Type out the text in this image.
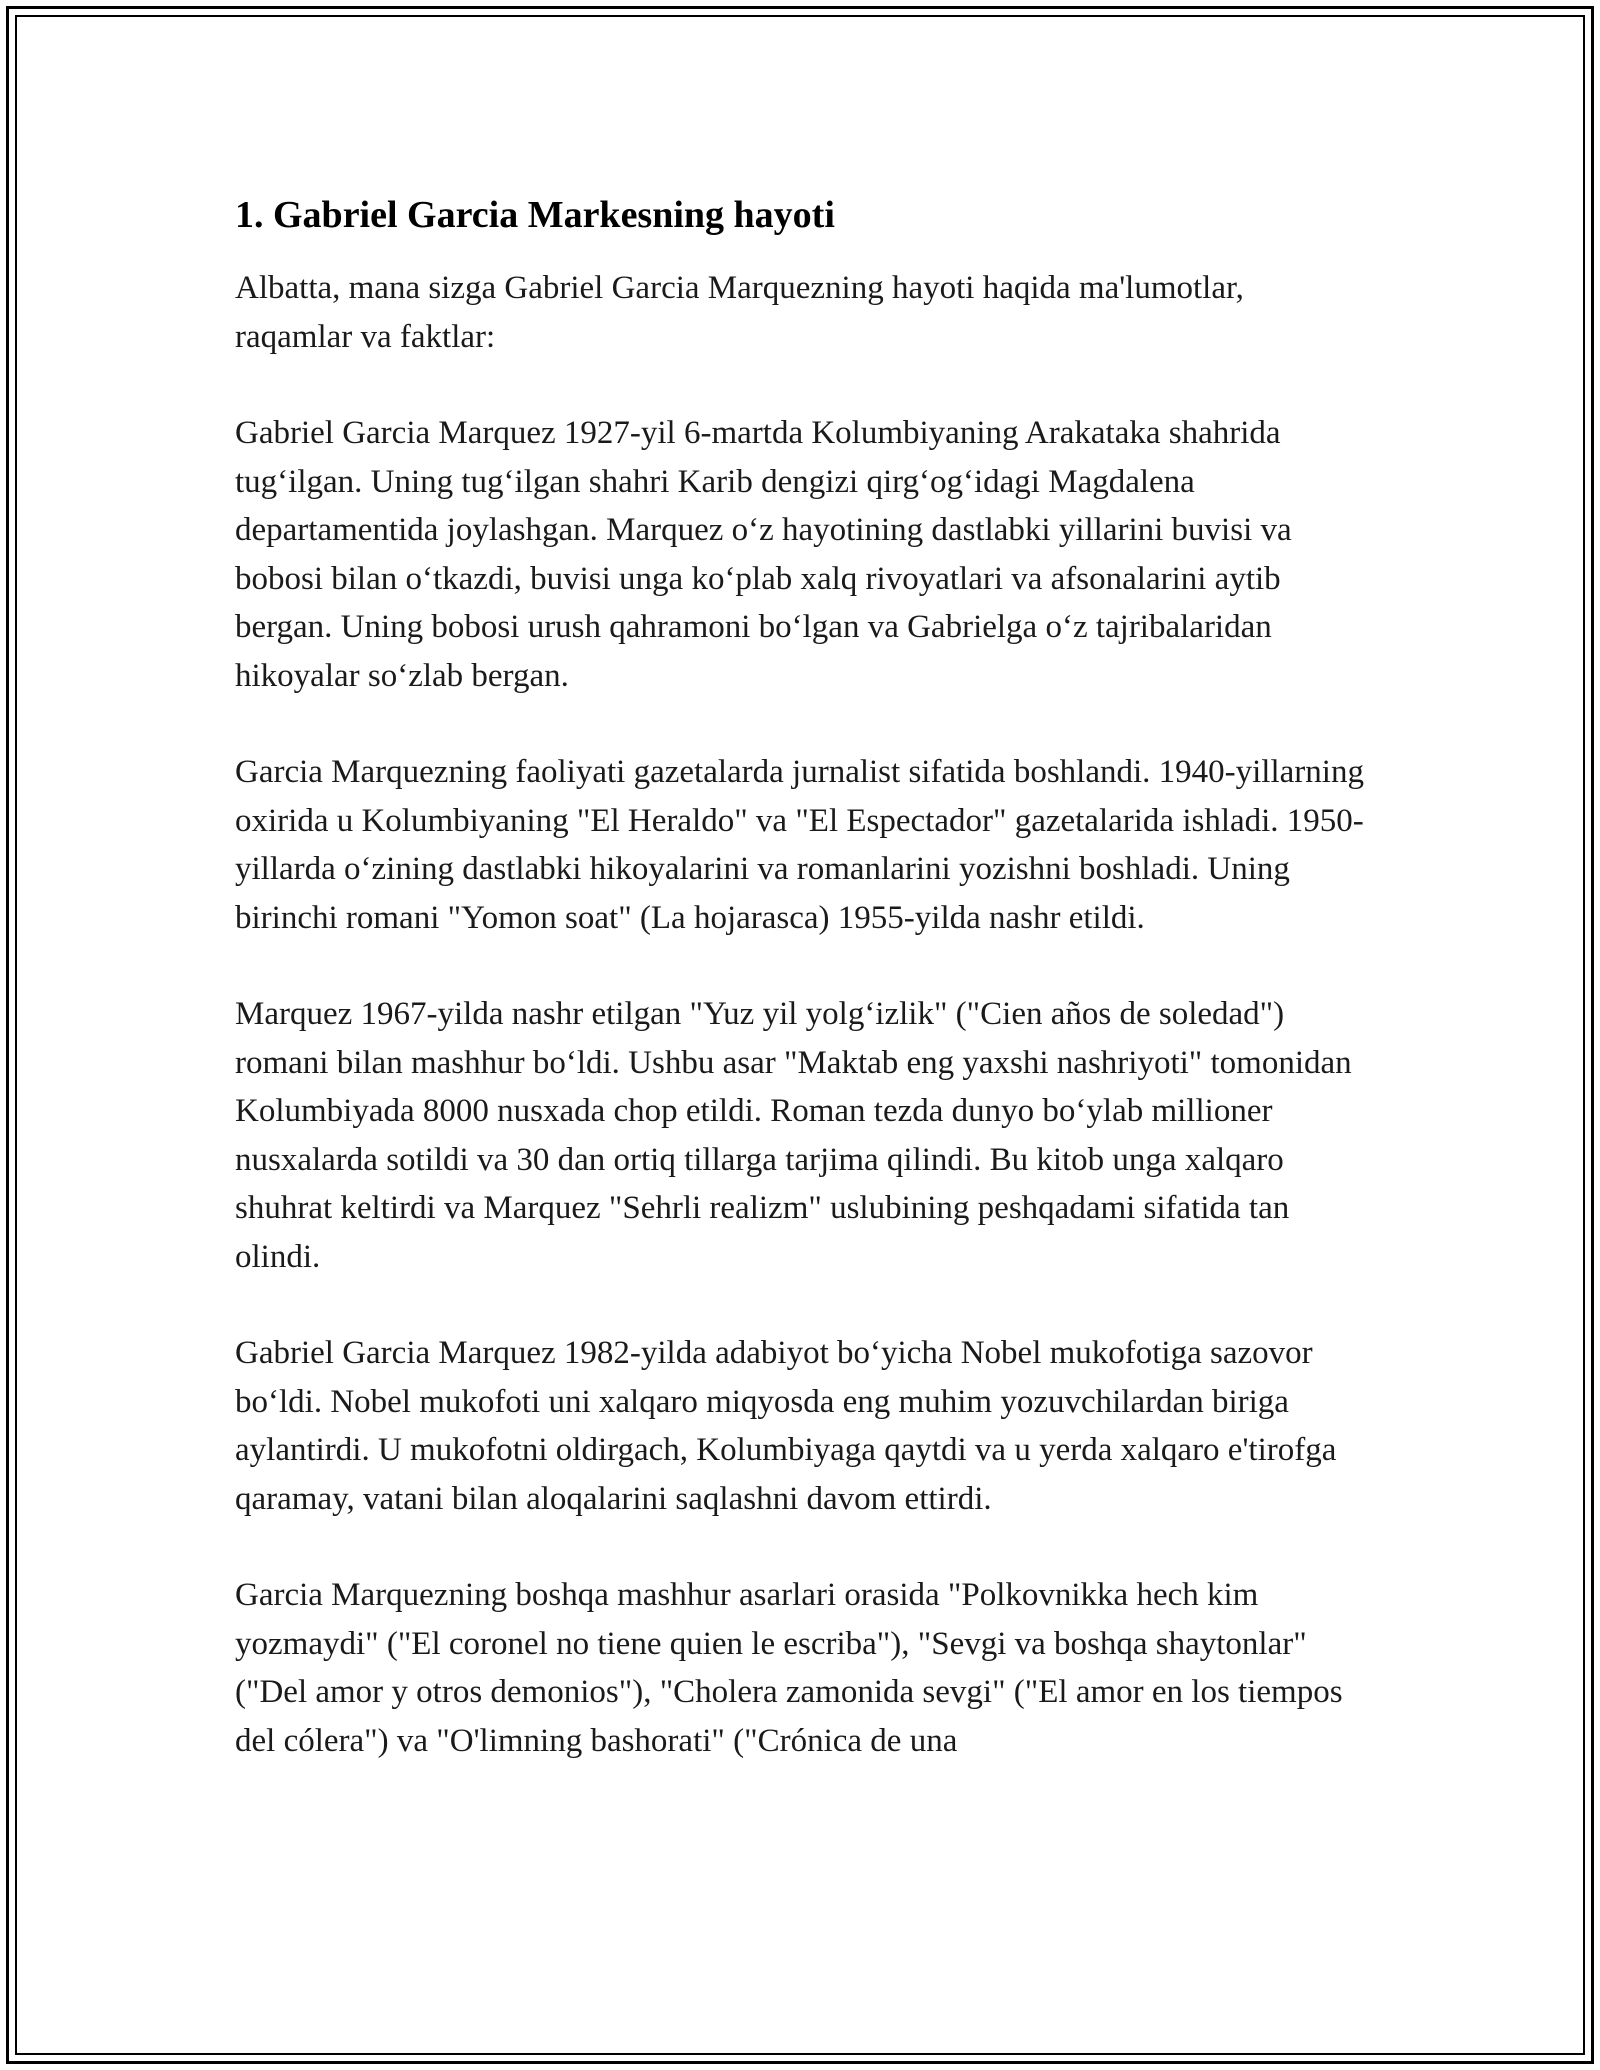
1. Gabriel Garcia Markesning hayoti

Albatta, mana sizga Gabriel Garcia Marquezning hayoti haqida ma'lumotlar, raqamlar va faktlar:

Gabriel Garcia Marquez 1927-yil 6-martda Kolumbiyaning Arakataka shahrida tug‘ilgan. Uning tug‘ilgan shahri Karib dengizi qirg‘og‘idagi Magdalena departamentida joylashgan. Marquez o‘z hayotining dastlabki yillarini buvisi va bobosi bilan o‘tkazdi, buvisi unga ko‘plab xalq rivoyatlari va afsonalarini aytib bergan. Uning bobosi urush qahramoni bo‘lgan va Gabrielga o‘z tajribalaridan hikoyalar so‘zlab bergan.

Garcia Marquezning faoliyati gazetalarda jurnalist sifatida boshlandi. 1940-yillarning oxirida u Kolumbiyaning "El Heraldo" va "El Espectador" gazetalarida ishladi. 1950-yillarda o‘zining dastlabki hikoyalarini va romanlarini yozishni boshladi. Uning birinchi romani "Yomon soat" (La hojarasca) 1955-yilda nashr etildi.

Marquez 1967-yilda nashr etilgan "Yuz yil yolg‘izlik" ("Cien años de soledad") romani bilan mashhur bo‘ldi. Ushbu asar "Maktab eng yaxshi nashriyoti" tomonidan Kolumbiyada 8000 nusxada chop etildi. Roman tezda dunyo bo‘ylab millioner nusxalarda sotildi va 30 dan ortiq tillarga tarjima qilindi. Bu kitob unga xalqaro shuhrat keltirdi va Marquez "Sehrli realizm" uslubining peshqadami sifatida tan olindi.

Gabriel Garcia Marquez 1982-yilda adabiyot bo‘yicha Nobel mukofotiga sazovor bo‘ldi. Nobel mukofoti uni xalqaro miqyosda eng muhim yozuvchilardan biriga aylantirdi. U mukofotni oldirgach, Kolumbiyaga qaytdi va u yerda xalqaro e'tirofga qaramay, vatani bilan aloqalarini saqlashni davom ettirdi.

Garcia Marquezning boshqa mashhur asarlari orasida "Polkovnikka hech kim yozmaydi" ("El coronel no tiene quien le escriba"), "Sevgi va boshqa shaytonlar" ("Del amor y otros demonios"), "Cholera zamonida sevgi" ("El amor en los tiempos del cólera") va "O'limning bashorati" ("Crónica de una
